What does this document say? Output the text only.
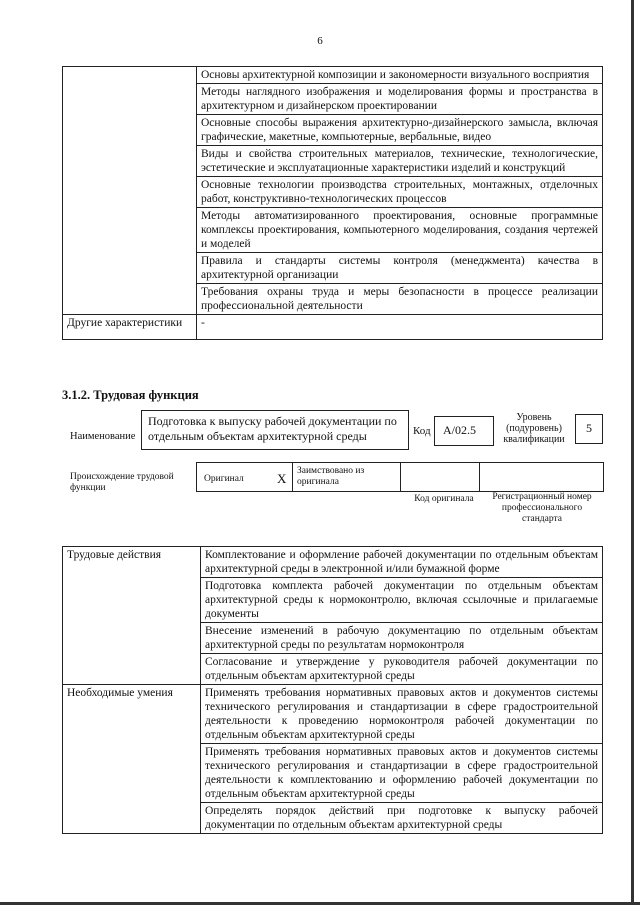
6
	Основы архитектурной композиции и закономерности визуального восприятия
	Методы наглядного изображения и моделирования формы и пространства в архитектурном и дизайнерском проектировании
	Основные способы выражения архитектурно-дизайнерского замысла, включая графические, макетные, компьютерные, вербальные, видео
	Виды и свойства строительных материалов, технические, технологические, эстетические и эксплуатационные характеристики изделий и конструкций
	Основные технологии производства строительных, монтажных, отделочных работ, конструктивно-технологических процессов
	Методы автоматизированного проектирования, основные программные комплексы проектирования, компьютерного моделирования, создания чертежей и моделей
	Правила и стандарты системы контроля (менеджмента) качества в архитектурной организации
	Требования охраны труда и меры безопасности в процессе реализации профессиональной деятельности
Другие характеристики	-
3.1.2. Трудовая функция
Наименование
Подготовка к выпуску рабочей документации по отдельным объектам архитектурной среды	Код	A/02.5
Уровень (подуровень) квалификации
5
Происхождение трудовой функции
Оригинал	X Заимствовано из оригинала
Код оригинала	Регистрационный номер профессионального стандарта
Трудовые действия	Комплектование и оформление рабочей документации по отдельным объектам архитектурной среды в электронной и/или бумажной форме
	Подготовка комплекта рабочей документации по отдельным объектам архитектурной среды к нормоконтролю, включая ссылочные и прилагаемые документы
	Внесение изменений в рабочую документацию по отдельным объектам архитектурной среды по результатам нормоконтроля
	Согласование и утверждение у руководителя рабочей документации по отдельным объектам архитектурной среды
Необходимые умения	Применять требования нормативных правовых актов и документов системы технического регулирования и стандартизации в сфере градостроительной деятельности к проведению нормоконтроля рабочей документации по отдельным объектам архитектурной среды
	Применять требования нормативных правовых актов и документов системы технического регулирования и стандартизации в сфере градостроительной деятельности к комплектованию и оформлению рабочей документации по отдельным объектам архитектурной среды
	Определять порядок действий при подготовке к выпуску рабочей документации по отдельным объектам архитектурной среды
